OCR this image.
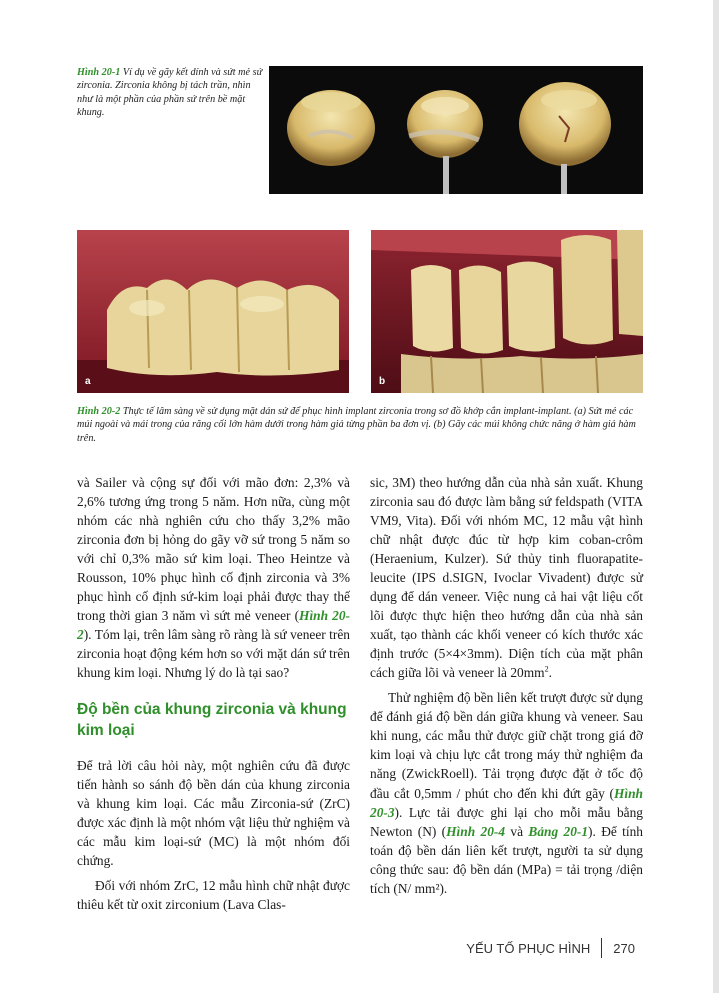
Hình 20-1 Ví dụ về gãy kết dính và sứt mẻ sứ zirconia. Zirconia không bị tách trần, nhìn như là một phần của phần sứ trên bề mặt khung.
a	b
Hình 20-2 Thực tế lâm sàng về sử dụng mặt dán sứ để phục hình implant zirconia trong sơ đồ khớp cắn implant-implant. (a) Sứt mẻ các múi ngoài và mái trong của răng cối lớn hàm dưới trong hàm giả từng phần ba đơn vị. (b) Gãy các múi không chức năng ở hàm giả hàm trên.

và Sailer và cộng sự đối với mão đơn: 2,3% và 2,6% tương ứng trong 5 năm. Hơn nữa, cùng một nhóm các nhà nghiên cứu cho thấy 3,2% mão zirconia đơn bị hỏng do gãy vỡ sứ trong 5 năm so với chỉ 0,3% mão sứ kim loại. Theo Heintze và Rousson, 10% phục hình cố định zirconia và 3% phục hình cố định sứ-kim loại phải được thay thế trong thời gian 3 năm vì sứt mẻ veneer (Hình 20-2). Tóm lại, trên lâm sàng rõ ràng là sứ veneer trên zirconia hoạt động kém hơn so với mặt dán sứ trên khung kim loại. Nhưng lý do là tại sao?

Độ bền của khung zirconia và khung kim loại

Để trả lời câu hỏi này, một nghiên cứu đã được tiến hành so sánh độ bền dán của khung zirconia và khung kim loại. Các mẫu Zirconia-sứ (ZrC) được xác định là một nhóm vật liệu thử nghiệm và các mẫu kim loại-sứ (MC) là một nhóm đối chứng.

Đối với nhóm ZrC, 12 mẫu hình chữ nhật được thiêu kết từ oxit zirconium (Lava Clas-

sic, 3M) theo hướng dẫn của nhà sản xuất. Khung zirconia sau đó được làm bằng sứ feldspath (VITA VM9, Vita). Đối với nhóm MC, 12 mẫu vật hình chữ nhật được đúc từ hợp kim coban-crôm (Heraenium, Kulzer). Sứ thủy tinh fluorapatite-leucite (IPS d.SIGN, Ivoclar Vivadent) được sử dụng để dán veneer. Việc nung cả hai vật liệu cốt lõi được thực hiện theo hướng dẫn của nhà sản xuất, tạo thành các khối veneer có kích thước xác định trước (5×4×3mm). Diện tích của mặt phân cách giữa lõi và veneer là $20mm^2$.

Thử nghiệm độ bền liên kết trượt được sử dụng để đánh giá độ bền dán giữa khung và veneer. Sau khi nung, các mẫu thử được giữ chặt trong giá đỡ kim loại và chịu lực cắt trong máy thử nghiệm đa năng (ZwickRoell). Tải trọng được đặt ở tốc độ đầu cắt 0,5mm / phút cho đến khi đứt gãy (Hình 20-3). Lực tải được ghi lại cho mỗi mẫu bằng Newton (N) (Hình 20-4 và Bảng 20-1). Để tính toán độ bền dán liên kết trượt, người ta sử dụng công thức sau: độ bền dán (MPa) = tải trọng /diện tích (N/ mm²).

YẾU TỐ PHỤC HÌNH 270
